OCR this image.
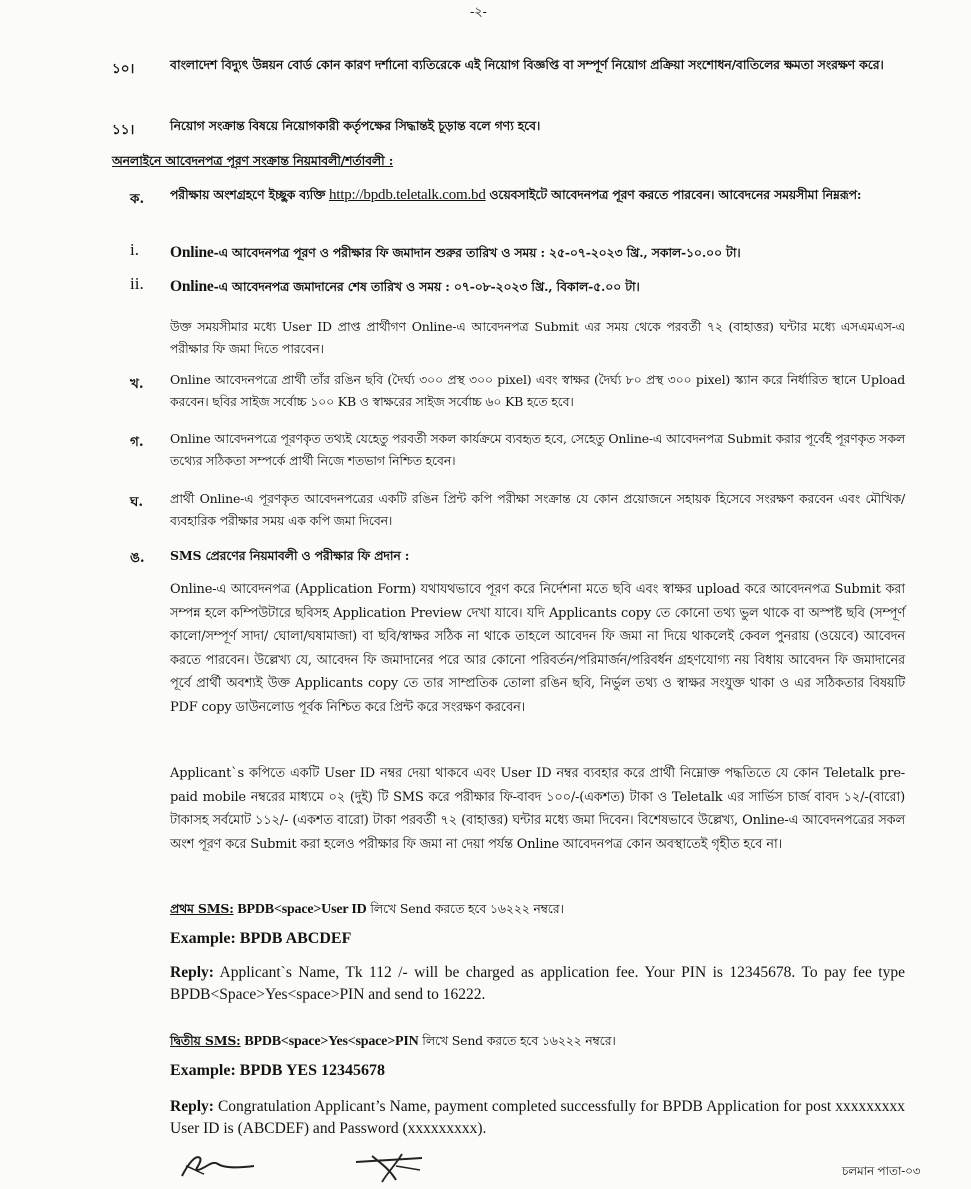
-২-
১০।	বাংলাদেশ বিদ্যুৎ উন্নয়ন বোর্ড কোন কারণ দর্শানো ব্যতিরেকে এই নিয়োগ বিজ্ঞপ্তি বা সম্পূর্ণ নিয়োগ প্রক্রিয়া সংশোধন/বাতিলের ক্ষমতা সংরক্ষণ করে।
১১।	নিয়োগ সংক্রান্ত বিষয়ে নিয়োগকারী কর্তৃপক্ষের সিদ্ধান্তই চূড়ান্ত বলে গণ্য হবে।
অনলাইনে আবেদনপত্র পূরণ সংক্রান্ত নিয়মাবলী/শর্তাবলী :
ক. পরীক্ষায় অংশগ্রহণে ইচ্ছুক ব্যক্তি http://bpdb.teletalk.com.bd ওয়েবসাইটে আবেদনপত্র পূরণ করতে পারবেন। আবেদনের সময়সীমা নিম্নরূপ:
i. Online-এ আবেদনপত্র পূরণ ও পরীক্ষার ফি জমাদান শুরুর তারিখ ও সময় : ২৫-০৭-২০২৩ খ্রি., সকাল-১০.০০ টা।
ii. Online-এ আবেদনপত্র জমাদানের শেষ তারিখ ও সময় : ০৭-০৮-২০২৩ খ্রি., বিকাল-৫.০০ টা।
উক্ত সময়সীমার মধ্যে User ID প্রাপ্ত প্রার্থীগণ Online-এ আবেদনপত্র Submit এর সময় থেকে পরবর্তী ৭২ (বাহাত্তর) ঘন্টার মধ্যে এসএমএস-এ পরীক্ষার ফি জমা দিতে পারবেন।
খ. Online আবেদনপত্রে প্রার্থী তাঁর রঙিন ছবি (দৈর্ঘ্য ৩০০ প্রস্থ ৩০০ pixel) এবং স্বাক্ষর (দৈর্ঘ্য ৮০ প্রস্থ ৩০০ pixel) স্ক্যান করে নির্ধারিত স্থানে Upload করবেন। ছবির সাইজ সর্বোচ্চ ১০০ KB ও স্বাক্ষরের সাইজ সর্বোচ্চ ৬০ KB হতে হবে।
গ. Online আবেদনপত্রে পূরণকৃত তথ্যই যেহেতু পরবর্তী সকল কার্যক্রমে ব্যবহৃত হবে, সেহেতু Online-এ আবেদনপত্র Submit করার পূর্বেই পূরণকৃত সকল তথ্যের সঠিকতা সম্পর্কে প্রার্থী নিজে শতভাগ নিশ্চিত হবেন।
ঘ. প্রার্থী Online-এ পূরণকৃত আবেদনপত্রের একটি রঙিন প্রিন্ট কপি পরীক্ষা সংক্রান্ত যে কোন প্রয়োজনে সহায়ক হিসেবে সংরক্ষণ করবেন এবং মৌখিক/ব্যবহারিক পরীক্ষার সময় এক কপি জমা দিবেন।
ঙ. SMS প্রেরণের নিয়মাবলী ও পরীক্ষার ফি প্রদান :
Online-এ আবেদনপত্র (Application Form) যথাযথভাবে পূরণ করে নির্দেশনা মতে ছবি এবং স্বাক্ষর upload করে আবেদনপত্র Submit করা সম্পন্ন হলে কম্পিউটারে ছবিসহ Application Preview দেখা যাবে। যদি Applicants copy তে কোনো তথ্য ভুল থাকে বা অস্পষ্ট ছবি (সম্পূর্ণ কালো/সম্পূর্ণ সাদা/ ঘোলা/ঘষামাজা) বা ছবি/স্বাক্ষর সঠিক না থাকে তাহলে আবেদন ফি জমা না দিয়ে থাকলেই কেবল পুনরায় (ওয়েবে) আবেদন করতে পারবেন। উল্লেখ্য যে, আবেদন ফি জমাদানের পরে আর কোনো পরিবর্তন/পরিমার্জন/পরিবর্ধন গ্রহণযোগ্য নয় বিধায় আবেদন ফি জমাদানের পূর্বে প্রার্থী অবশ্যই উক্ত Applicants copy তে তার সাম্প্রতিক তোলা রঙিন ছবি, নির্ভুল তথ্য ও স্বাক্ষর সংযুক্ত থাকা ও এর সঠিকতার বিষয়টি PDF copy ডাউনলোড পূর্বক নিশ্চিত করে প্রিন্ট করে সংরক্ষণ করবেন।
Applicant`s কপিতে একটি User ID নম্বর দেয়া থাকবে এবং User ID নম্বর ব্যবহার করে প্রার্থী নিম্নোক্ত পদ্ধতিতে যে কোন Teletalk pre-paid mobile নম্বরের মাধ্যমে ০২ (দুই) টি SMS করে পরীক্ষার ফি-বাবদ ১০০/-(একশত) টাকা ও Teletalk এর সার্ভিস চার্জ বাবদ ১২/-(বারো) টাকাসহ সর্বমোট ১১২/- (একশত বারো) টাকা পরবর্তী ৭২ (বাহাত্তর) ঘন্টার মধ্যে জমা দিবেন। বিশেষভাবে উল্লেখ্য, Online-এ আবেদনপত্রের সকল অংশ পূরণ করে Submit করা হলেও পরীক্ষার ফি জমা না দেয়া পর্যন্ত Online আবেদনপত্র কোন অবস্থাতেই গৃহীত হবে না।
প্রথম SMS: BPDB<space>User ID লিখে Send করতে হবে ১৬২২২ নম্বরে।
Example: BPDB ABCDEF
Reply: Applicant`s Name, Tk 112 /- will be charged as application fee. Your PIN is 12345678. To pay fee type BPDB<Space>Yes<space>PIN and send to 16222.
দ্বিতীয় SMS: BPDB<space>Yes<space>PIN লিখে Send করতে হবে ১৬২২২ নম্বরে।
Example: BPDB YES 12345678
Reply: Congratulation Applicant’s Name, payment completed successfully for BPDB Application for post xxxxxxxxx User ID is (ABCDEF) and Password (xxxxxxxxx).
চলমান পাতা-০৩
